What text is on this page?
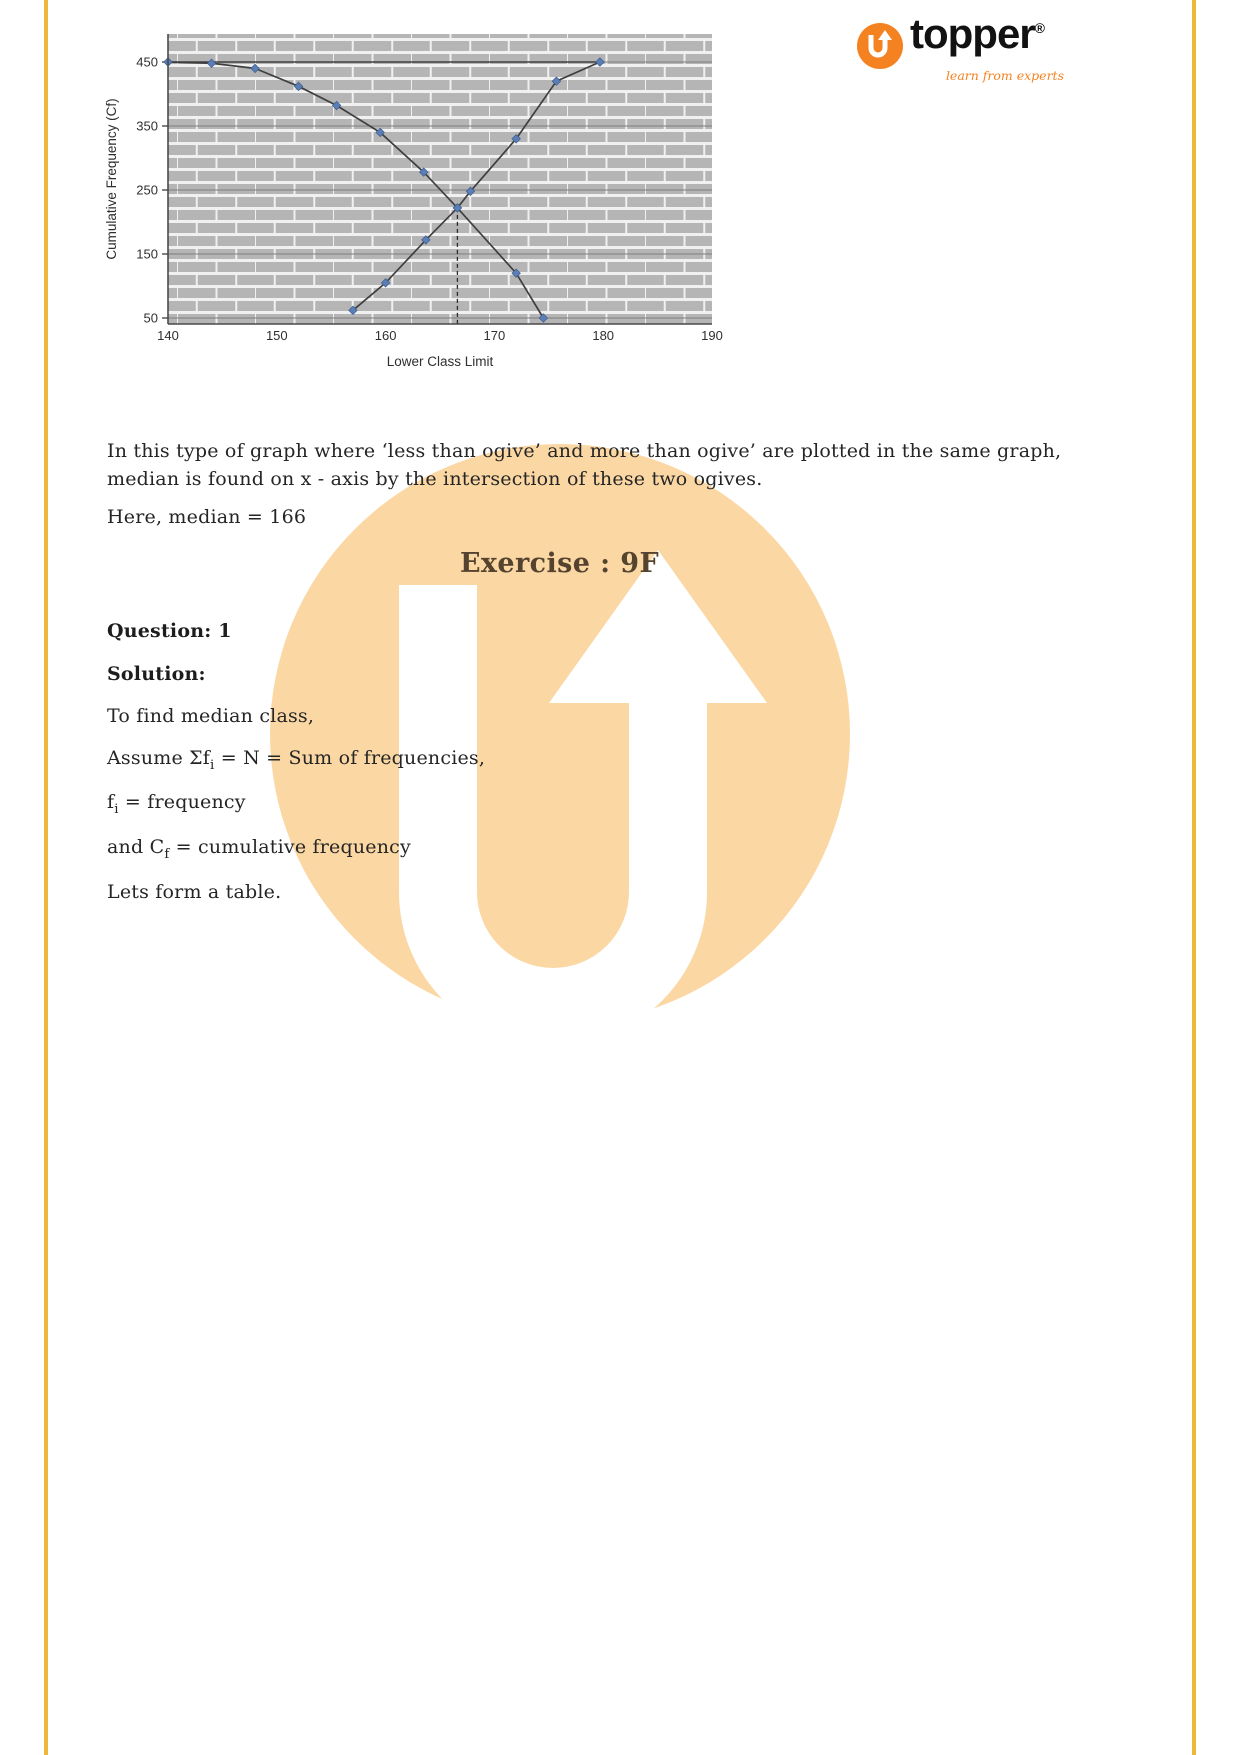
50
150
250
350
450
140	150	160	170	180	190
Lower Class Limit
Cumulative Frequency (Cf)
topper®
learn from experts
In this type of graph where ‘less than ogive’ and more than ogive’ are plotted in the same graph,
median is found on x - axis by the intersection of these two ogives.
Here, median = 166
Exercise : 9F
Question: 1
Solution:
To find median class,
Assume $\Sigma f_i = N$ = Sum of frequencies,
$f_i$ = frequency
and $C_f$ = cumulative frequency
Lets form a table.
